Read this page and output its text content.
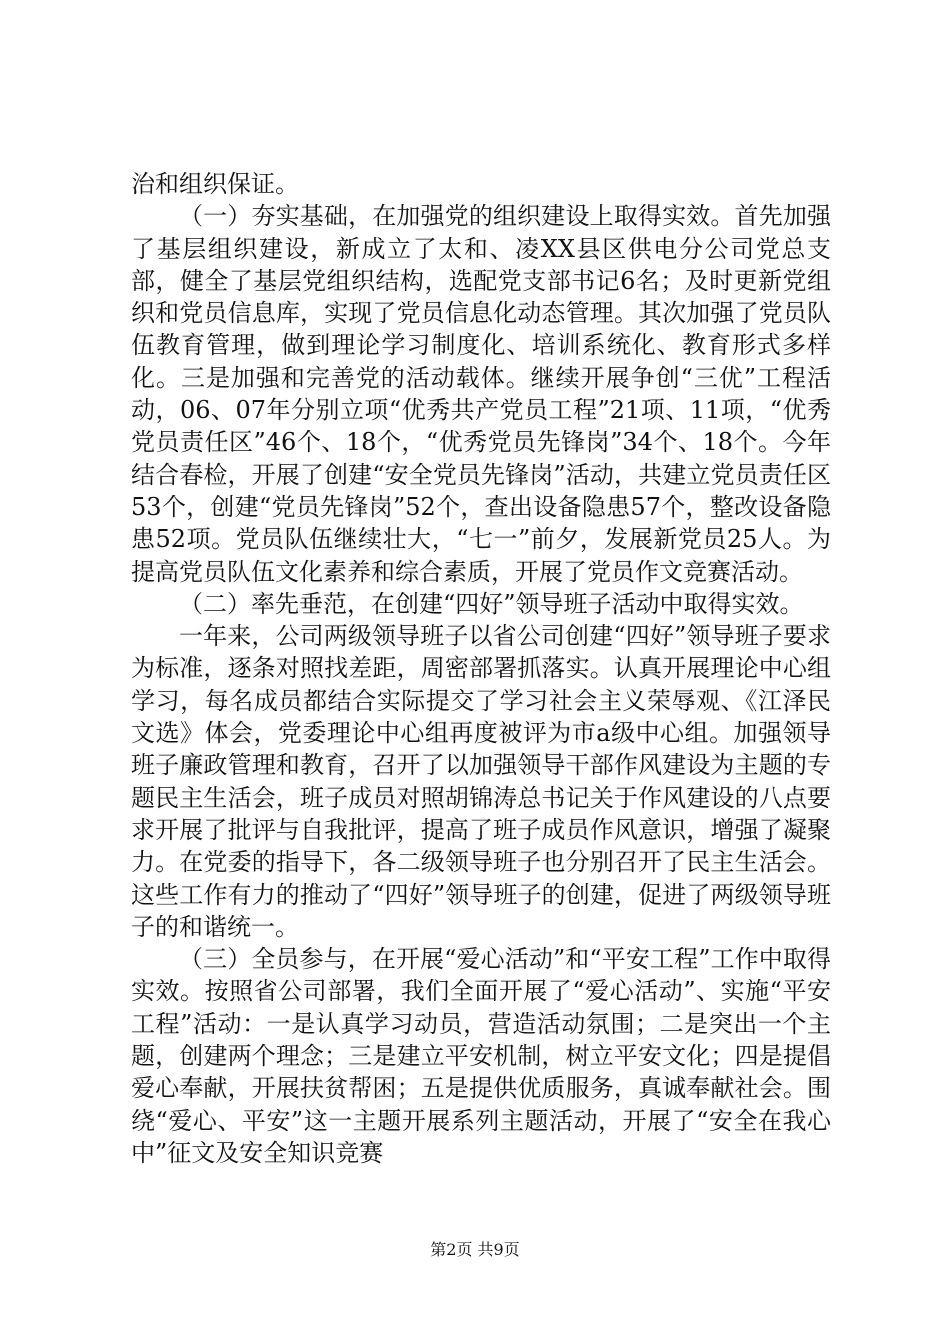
治和组织保证。

（一）夯实基础，在加强党的组织建设上取得实效。首先加强了基层组织建设，新成立了太和、凌XX县区供电分公司党总支部，健全了基层党组织结构，选配党支部书记6名；及时更新党组织和党员信息库，实现了党员信息化动态管理。其次加强了党员队伍教育管理，做到理论学习制度化、培训系统化、教育形式多样化。三是加强和完善党的活动载体。继续开展争创“三优”工程活动，06、07年分别立项“优秀共产党员工程”21项、11项，“优秀党员责任区”46个、18个，“优秀党员先锋岗”34个、18个。今年结合春检，开展了创建“安全党员先锋岗”活动，共建立党员责任区53个，创建“党员先锋岗”52个，查出设备隐患57个，整改设备隐患52项。党员队伍继续壮大，“七一”前夕，发展新党员25人。为提高党员队伍文化素养和综合素质，开展了党员作文竞赛活动。

（二）率先垂范，在创建“四好”领导班子活动中取得实效。

一年来，公司两级领导班子以省公司创建“四好”领导班子要求为标准，逐条对照找差距，周密部署抓落实。认真开展理论中心组学习，每名成员都结合实际提交了学习社会主义荣辱观、《江泽民文选》体会，党委理论中心组再度被评为市a级中心组。加强领导班子廉政管理和教育，召开了以加强领导干部作风建设为主题的专题民主生活会，班子成员对照胡锦涛总书记关于作风建设的八点要求开展了批评与自我批评，提高了班子成员作风意识，增强了凝聚力。在党委的指导下，各二级领导班子也分别召开了民主生活会。这些工作有力的推动了“四好”领导班子的创建，促进了两级领导班子的和谐统一。

（三）全员参与，在开展“爱心活动”和“平安工程”工作中取得实效。按照省公司部署，我们全面开展了“爱心活动”、实施“平安工程”活动：一是认真学习动员，营造活动氛围；二是突出一个主题，创建两个理念；三是建立平安机制，树立平安文化；四是提倡爱心奉献，开展扶贫帮困；五是提供优质服务，真诚奉献社会。围绕“爱心、平安”这一主题开展系列主题活动，开展了“安全在我心中”征文及安全知识竞赛

第2页 共9页
